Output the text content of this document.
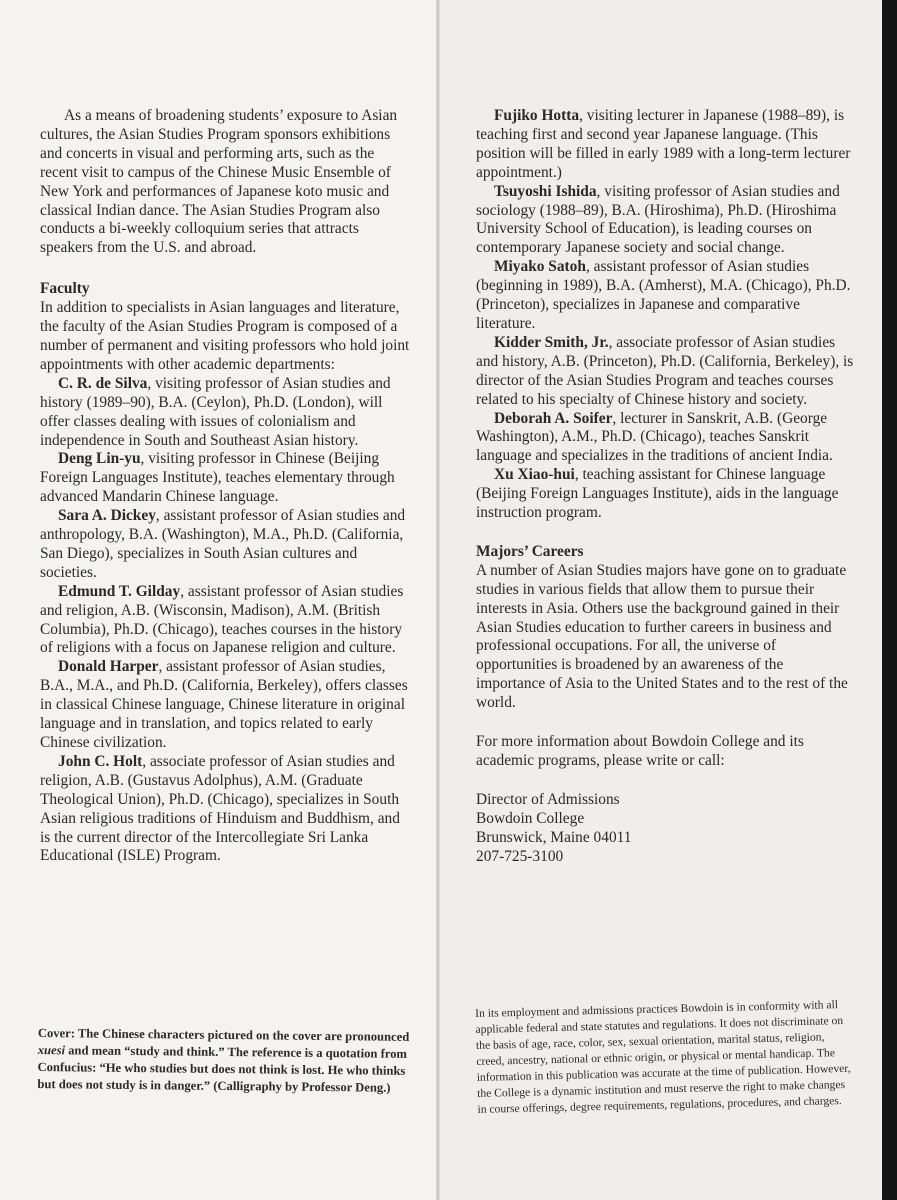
As a means of broadening students’ exposure to Asian cultures, the Asian Studies Program sponsors exhibitions and concerts in visual and performing arts, such as the recent visit to campus of the Chinese Music Ensemble of New York and performances of Japanese koto music and classical Indian dance. The Asian Studies Program also conducts a bi-weekly colloquium series that attracts speakers from the U.S. and abroad.

Faculty

In addition to specialists in Asian languages and literature, the faculty of the Asian Studies Program is composed of a number of permanent and visiting professors who hold joint appointments with other academic departments:

C. R. de Silva, visiting professor of Asian studies and history (1989–90), B.A. (Ceylon), Ph.D. (London), will offer classes dealing with issues of colonialism and independence in South and Southeast Asian history.

Deng Lin-yu, visiting professor in Chinese (Beijing Foreign Languages Institute), teaches elementary through advanced Mandarin Chinese language.

Sara A. Dickey, assistant professor of Asian studies and anthropology, B.A. (Washington), M.A., Ph.D. (California, San Diego), specializes in South Asian cultures and societies.

Edmund T. Gilday, assistant professor of Asian studies and religion, A.B. (Wisconsin, Madison), A.M. (British Columbia), Ph.D. (Chicago), teaches courses in the history of religions with a focus on Japanese religion and culture.

Donald Harper, assistant professor of Asian studies, B.A., M.A., and Ph.D. (California, Berkeley), offers classes in classical Chinese language, Chinese literature in original language and in translation, and topics related to early Chinese civilization.

John C. Holt, associate professor of Asian studies and religion, A.B. (Gustavus Adolphus), A.M. (Graduate Theological Union), Ph.D. (Chicago), specializes in South Asian religious traditions of Hinduism and Buddhism, and is the current director of the Intercollegiate Sri Lanka Educational (ISLE) Program.

Cover: The Chinese characters pictured on the cover are pronounced xuesi and mean “study and think.” The reference is a quotation from Confucius: “He who studies but does not think is lost. He who thinks but does not study is in danger.” (Calligraphy by Professor Deng.)

Fujiko Hotta, visiting lecturer in Japanese (1988–89), is teaching first and second year Japanese language. (This position will be filled in early 1989 with a long-term lecturer appointment.)

Tsuyoshi Ishida, visiting professor of Asian studies and sociology (1988–89), B.A. (Hiroshima), Ph.D. (Hiroshima University School of Education), is leading courses on contemporary Japanese society and social change.

Miyako Satoh, assistant professor of Asian studies (beginning in 1989), B.A. (Amherst), M.A. (Chicago), Ph.D. (Princeton), specializes in Japanese and comparative literature.

Kidder Smith, Jr., associate professor of Asian studies and history, A.B. (Princeton), Ph.D. (California, Berkeley), is director of the Asian Studies Program and teaches courses related to his specialty of Chinese history and society.

Deborah A. Soifer, lecturer in Sanskrit, A.B. (George Washington), A.M., Ph.D. (Chicago), teaches Sanskrit language and specializes in the traditions of ancient India.

Xu Xiao-hui, teaching assistant for Chinese language (Beijing Foreign Languages Institute), aids in the language instruction program.

Majors’ Careers

A number of Asian Studies majors have gone on to graduate studies in various fields that allow them to pursue their interests in Asia. Others use the background gained in their Asian Studies education to further careers in business and professional occupations. For all, the universe of opportunities is broadened by an awareness of the importance of Asia to the United States and to the rest of the world.

For more information about Bowdoin College and its academic programs, please write or call:

Director of Admissions

Bowdoin College

Brunswick, Maine 04011

207-725-3100

In its employment and admissions practices Bowdoin is in conformity with all applicable federal and state statutes and regulations. It does not discriminate on the basis of age, race, color, sex, sexual orientation, marital status, religion, creed, ancestry, national or ethnic origin, or physical or mental handicap. The information in this publication was accurate at the time of publication. However, the College is a dynamic institution and must reserve the right to make changes in course offerings, degree requirements, regulations, procedures, and charges.
